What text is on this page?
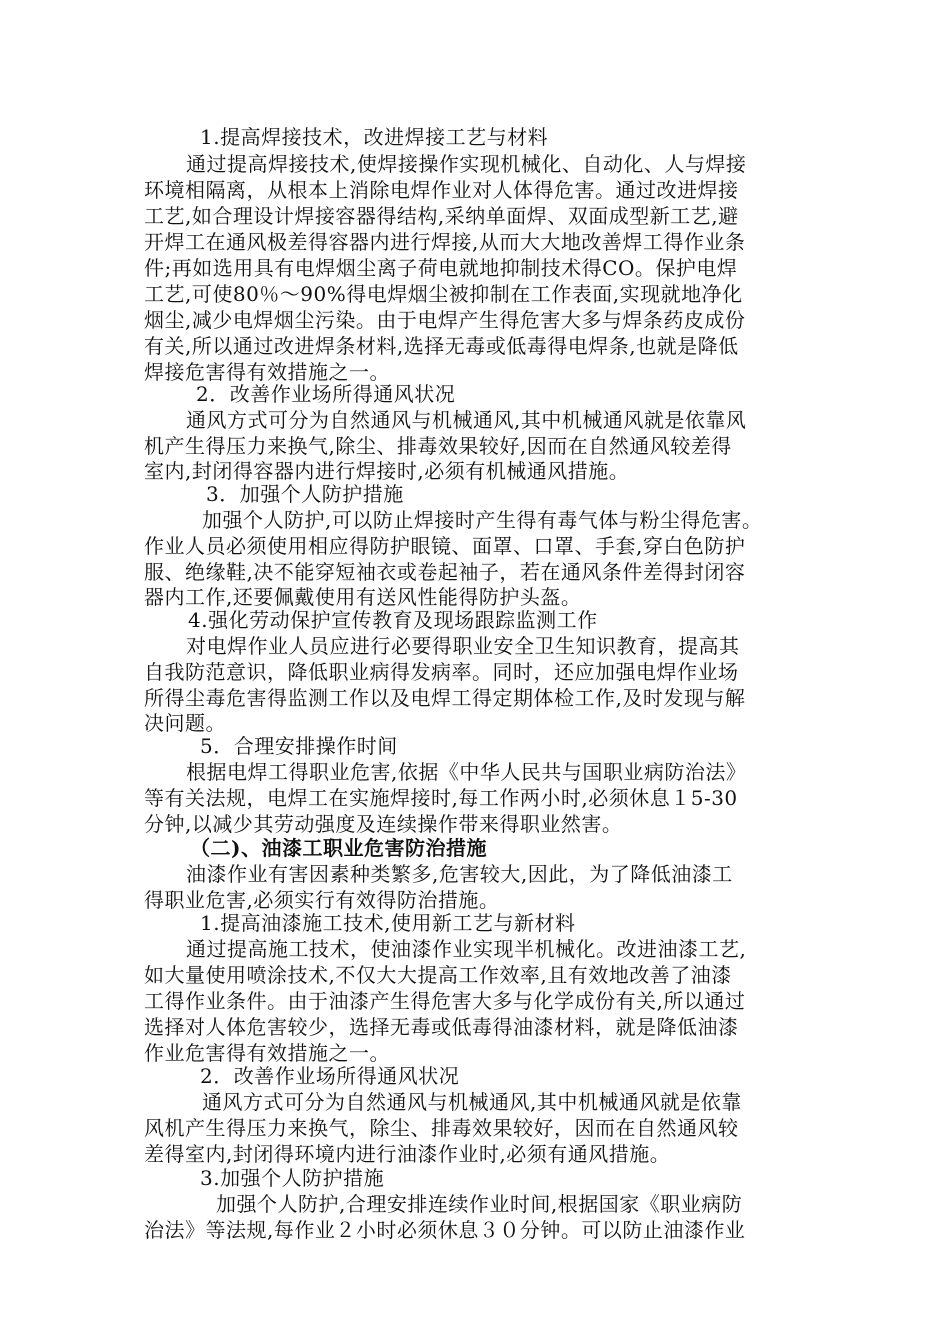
1.提高焊接技术，改进焊接工艺与材料
通过提高焊接技术,使焊接操作实现机械化、自动化、人与焊接
环境相隔离，从根本上消除电焊作业对人体得危害。通过改进焊接
工艺,如合理设计焊接容器得结构,采纳单面焊、双面成型新工艺,避
开焊工在通风极差得容器内进行焊接,从而大大地改善焊工得作业条
件;再如选用具有电焊烟尘离子荷电就地抑制技术得CO。保护电焊
工艺,可使80％～90%得电焊烟尘被抑制在工作表面,实现就地净化
烟尘,减少电焊烟尘污染。由于电焊产生得危害大多与焊条药皮成份
有关,所以通过改进焊条材料,选择无毒或低毒得电焊条,也就是降低
焊接危害得有效措施之一。
2．改善作业场所得通风状况
通风方式可分为自然通风与机械通风,其中机械通风就是依靠风
机产生得压力来换气,除尘、排毒效果较好,因而在自然通风较差得
室内,封闭得容器内进行焊接时,必须有机械通风措施。
3．加强个人防护措施
加强个人防护,可以防止焊接时产生得有毒气体与粉尘得危害。
作业人员必须使用相应得防护眼镜、面罩、口罩、手套,穿白色防护
服、绝缘鞋,决不能穿短袖衣或卷起袖子，若在通风条件差得封闭容
器内工作,还要佩戴使用有送风性能得防护头盔。
4.强化劳动保护宣传教育及现场跟踪监测工作
对电焊作业人员应进行必要得职业安全卫生知识教育，提高其
自我防范意识，降低职业病得发病率。同时，还应加强电焊作业场
所得尘毒危害得监测工作以及电焊工得定期体检工作,及时发现与解
决问题。
5．合理安排操作时间
根据电焊工得职业危害,依据《中华人民共与国职业病防治法》
等有关法规，电焊工在实施焊接时,每工作两小时,必须休息１5-30
分钟,以减少其劳动强度及连续操作带来得职业然害。
（二)、油漆工职业危害防治措施
油漆作业有害因素种类繁多,危害较大,因此，为了降低油漆工
得职业危害,必须实行有效得防治措施。
1.提高油漆施工技术,使用新工艺与新材料
通过提高施工技术，使油漆作业实现半机械化。改进油漆工艺,
如大量使用喷涂技术,不仅大大提高工作效率,且有效地改善了油漆
工得作业条件。由于油漆产生得危害大多与化学成份有关,所以通过
选择对人体危害较少，选择无毒或低毒得油漆材料，就是降低油漆
作业危害得有效措施之一。
2．改善作业场所得通风状况
通风方式可分为自然通风与机械通风,其中机械通风就是依靠
风机产生得压力来换气，除尘、排毒效果较好，因而在自然通风较
差得室内,封闭得环境内进行油漆作业时,必须有通风措施。
3.加强个人防护措施
加强个人防护,合理安排连续作业时间,根据国家《职业病防
治法》等法规,每作业２小时必须休息３０分钟。可以防止油漆作业
